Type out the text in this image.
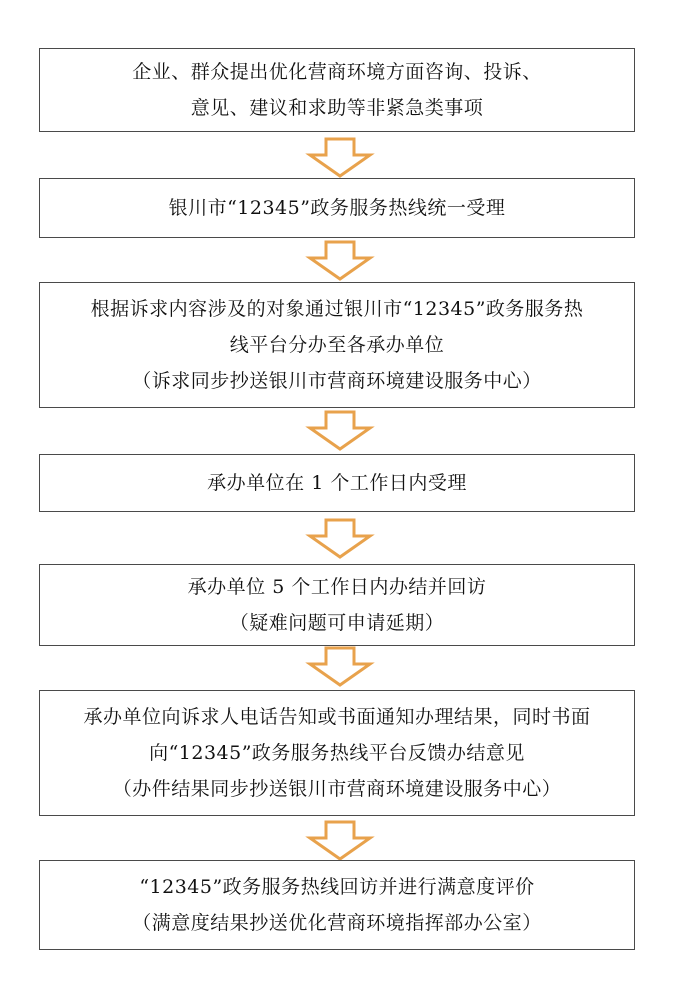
企业、群众提出优化营商环境方面咨询、投诉、
意见、建议和求助等非紧急类事项
银川市“12345”政务服务热线统一受理
根据诉求内容涉及的对象通过银川市“12345”政务服务热
线平台分办至各承办单位
（诉求同步抄送银川市营商环境建设服务中心）
承办单位在 1 个工作日内受理
承办单位 5 个工作日内办结并回访
（疑难问题可申请延期）
承办单位向诉求人电话告知或书面通知办理结果，同时书面
向“12345”政务服务热线平台反馈办结意见
（办件结果同步抄送银川市营商环境建设服务中心）
“12345”政务服务热线回访并进行满意度评价
（满意度结果抄送优化营商环境指挥部办公室）
